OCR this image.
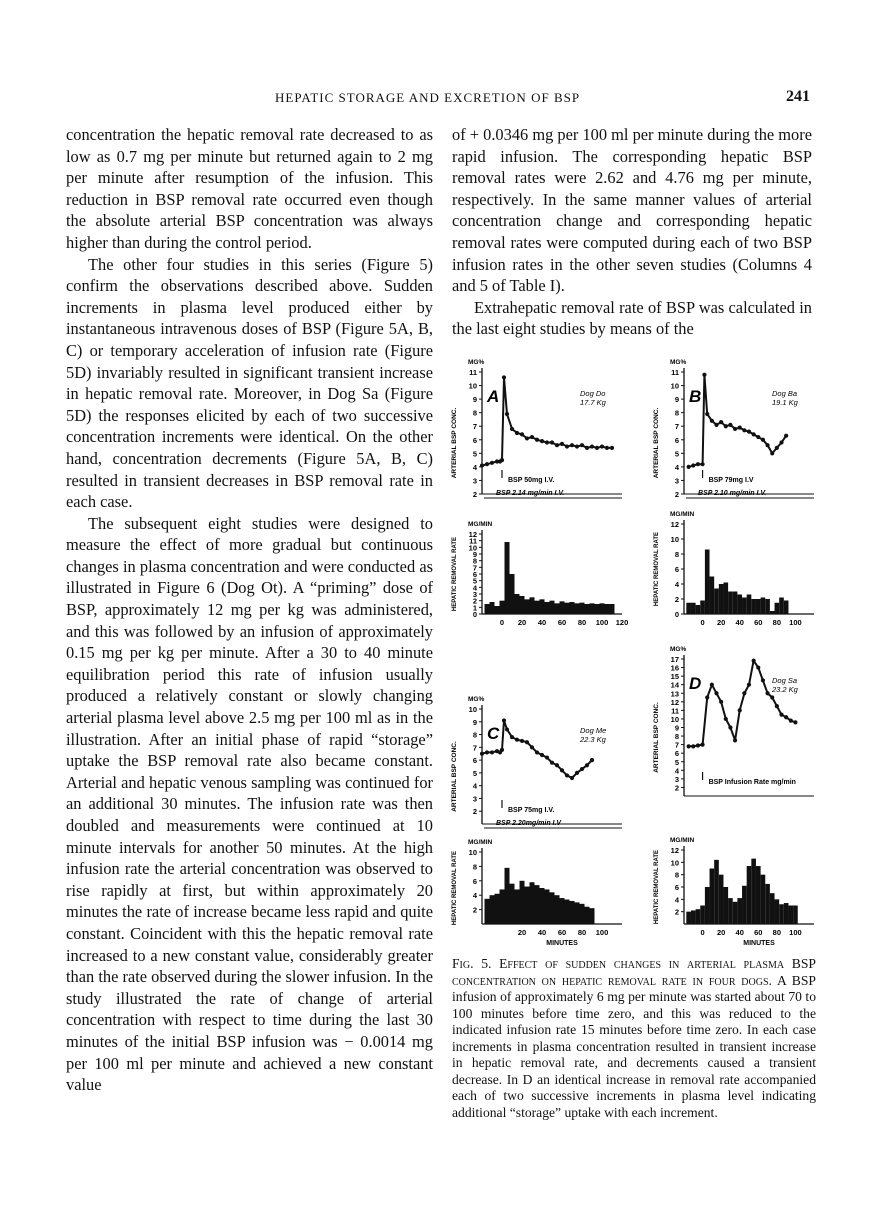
HEPATIC STORAGE AND EXCRETION OF BSP	241

concentration the hepatic removal rate decreased to as low as 0.7 mg per minute but returned again to 2 mg per minute after resumption of the infusion. This reduction in BSP removal rate occurred even though the absolute arterial BSP concentration was always higher than during the control period.

The other four studies in this series (Figure 5) confirm the observations described above. Sudden increments in plasma level produced either by instantaneous intravenous doses of BSP (Figure 5A, B, C) or temporary acceleration of infusion rate (Figure 5D) invariably resulted in significant transient increase in hepatic removal rate. Moreover, in Dog Sa (Figure 5D) the responses elicited by each of two successive concentration increments were identical. On the other hand, concentration decrements (Figure 5A, B, C) resulted in transient decreases in BSP removal rate in each case.

The subsequent eight studies were designed to measure the effect of more gradual but continuous changes in plasma concentration and were conducted as illustrated in Figure 6 (Dog Ot). A “priming” dose of BSP, approximately 12 mg per kg was administered, and this was followed by an infusion of approximately 0.15 mg per kg per minute. After a 30 to 40 minute equilibration period this rate of infusion usually produced a relatively constant or slowly changing arterial plasma level above 2.5 mg per 100 ml as in the illustration. After an initial phase of rapid “storage” uptake the BSP removal rate also became constant. Arterial and hepatic venous sampling was continued for an additional 30 minutes. The infusion rate was then doubled and measurements were continued at 10 minute intervals for another 50 minutes. At the high infusion rate the arterial concentration was observed to rise rapidly at first, but within approximately 20 minutes the rate of increase became less rapid and quite constant. Coincident with this the hepatic removal rate increased to a new constant value, considerably greater than the rate observed during the slower infusion. In the study illustrated the rate of change of arterial concentration with respect to time during the last 30 minutes of the initial BSP infusion was − 0.0014 mg per 100 ml per minute and achieved a new constant value

of + 0.0346 mg per 100 ml per minute during the more rapid infusion. The corresponding hepatic BSP removal rates were 2.62 and 4.76 mg per minute, respectively. In the same manner values of arterial concentration change and corresponding hepatic removal rates were computed during each of two BSP infusion rates in the other seven studies (Columns 4 and 5 of Table I).

Extrahepatic removal rate of BSP was calculated in the last eight studies by means of the

2
3
4
5
6
7
8
9
10
11
MG%
A	Dog Do
17.7 Kg
BSP 50mg I.V.
BSP 2.14 mg/min I.V.
ARTERIAL BSP CONC.
0
1
2
3
4
5
6
7
8
9
10
11
12
MG/MIN
0 20 40 60 80 100 120
HEPATIC REMOVAL RATE
2
3
4
5
6
7
8
9
10
11
MG%
B	Dog Ba
19.1 Kg
BSP 79mg I.V
BSP 2.10 mg/min I.V.
ARTERIAL BSP CONC.
0
2
4
6
8
10
12
MG/MIN
0 20 40 60 80 100
HEPATIC REMOVAL RATE
2
3
4
5
6
7
8
9
10
MG%
C	Dog Me
22.3 Kg
BSP 75mg I.V.
BSP 2.20mg/min I.V
ARTERIAL BSP CONC.
2
4
6
8
10
MG/MIN
20 40 60 80 100
MINUTES
HEPATIC REMOVAL RATE
2
3
4
5
6
7
8
9
10
11
12
13
14
15
16
17
MG%
D	Dog Sa
23.2 Kg
BSP Infusion Rate mg/min
ARTERIAL BSP CONC.
2
4
6
8
10
12
MG/MIN
0 20 40 60 80 100
MINUTES
HEPATIC REMOVAL RATE
Fig. 5. Effect of sudden changes in arterial plasma BSP concentration on hepatic removal rate in four dogs. A BSP infusion of approximately 6 mg per minute was started about 70 to 100 minutes before time zero, and this was reduced to the indicated infusion rate 15 minutes before time zero. In each case increments in plasma concentration resulted in transient increase in hepatic removal rate, and decrements caused a transient decrease. In D an identical increase in removal rate accompanied each of two successive increments in plasma level indicating additional “storage” uptake with each increment.
